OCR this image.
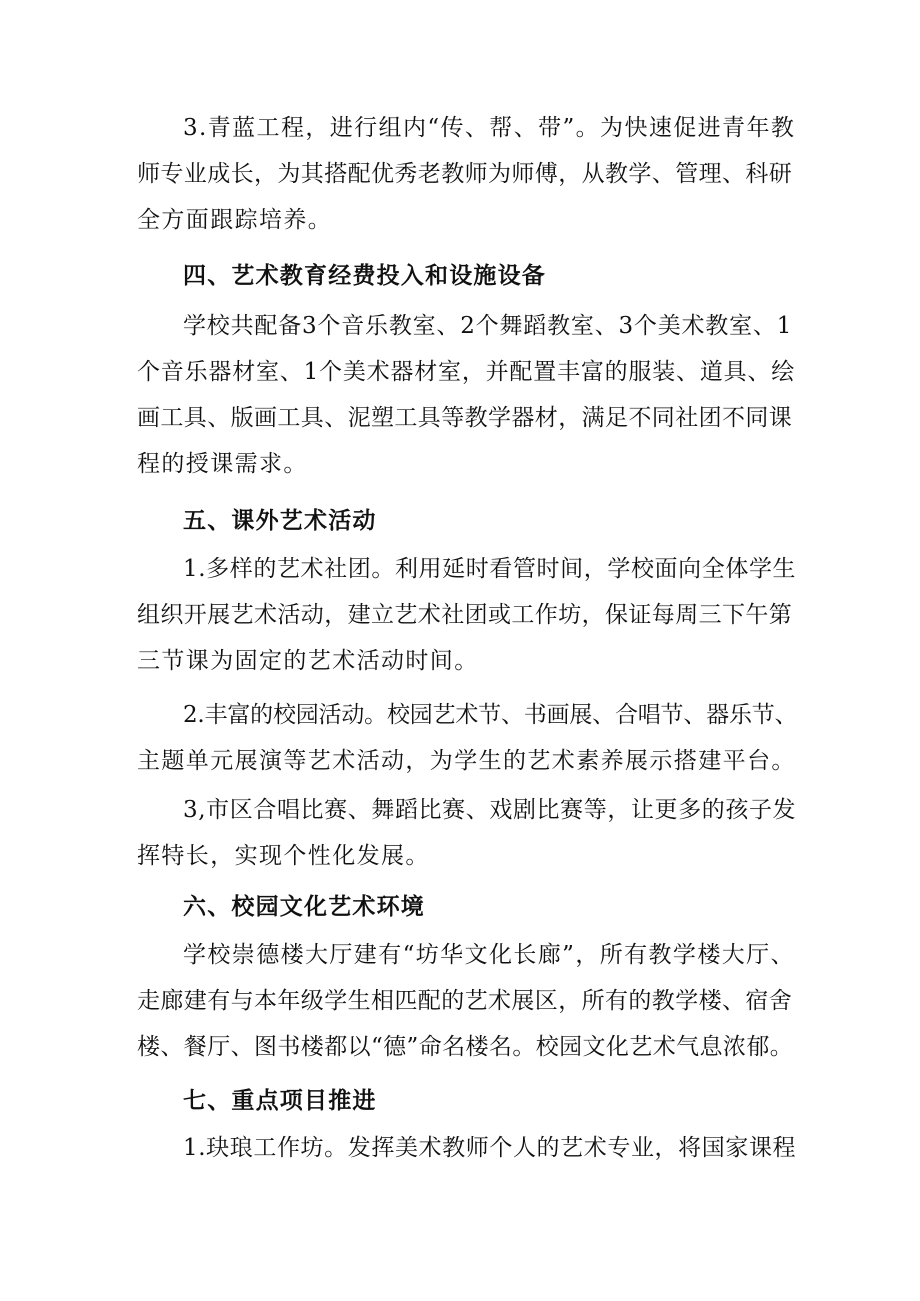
3.青蓝工程，进行组内“传、帮、带”。为快速促进青年教
师专业成长，为其搭配优秀老教师为师傅，从教学、管理、科研
全方面跟踪培养。
四、艺术教育经费投入和设施设备
学校共配备3个音乐教室、2个舞蹈教室、3个美术教室、1
个音乐器材室、1个美术器材室，并配置丰富的服装、道具、绘
画工具、版画工具、泥塑工具等教学器材，满足不同社团不同课
程的授课需求。
五、课外艺术活动
1.多样的艺术社团。利用延时看管时间，学校面向全体学生
组织开展艺术活动，建立艺术社团或工作坊，保证每周三下午第
三节课为固定的艺术活动时间。
2.丰富的校园活动。校园艺术节、书画展、合唱节、器乐节、
主题单元展演等艺术活动，为学生的艺术素养展示搭建平台。
3,市区合唱比赛、舞蹈比赛、戏剧比赛等，让更多的孩子发
挥特长，实现个性化发展。
六、校园文化艺术环境
学校崇德楼大厅建有“坊华文化长廊”，所有教学楼大厅、
走廊建有与本年级学生相匹配的艺术展区，所有的教学楼、宿舍
楼、餐厅、图书楼都以“德”命名楼名。校园文化艺术气息浓郁。
七、重点项目推进
1.玦琅工作坊。发挥美术教师个人的艺术专业，将国家课程
